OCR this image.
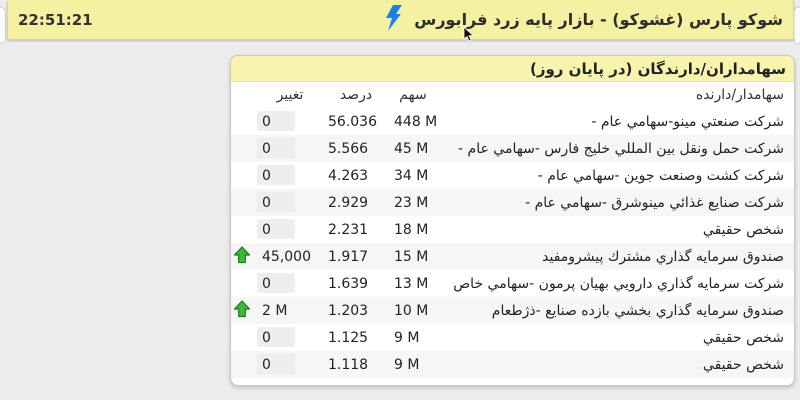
شوكو پارس (غشوكو) - بازار پايه زرد فرابورس
22:51:21
سهامداران/دارندگان (در پايان روز)
سهامدار/دارنده	سهم	درصد	تغيير	
شركت صنعتي مينو-سهامي عام -	448 M	56.036	0	
شركت حمل ونقل بين المللي خليج فارس -سهامي عام -	45 M	5.566	0	
شركت كشت وصنعت جوين -سهامي عام -	34 M	4.263	0	
شركت صنايع غذائي مينوشرق -سهامي عام -	23 M	2.929	0	
شخص حقيقي	18 M	2.231	0	
صندوق سرمايه گذاري مشترك پيشرومفيد	15 M	1.917	45,000	
شركت سرمايه گذاري دارويي بهيان پرمون -سهامي خاص	13 M	1.639	0	
صندوق سرمايه گذاري بخشي بازده صنايع -ذژطعام	10 M	1.203	2 M	
شخص حقيقي	9 M	1.125	0	
شخص حقيقي	9 M	1.118	0	
